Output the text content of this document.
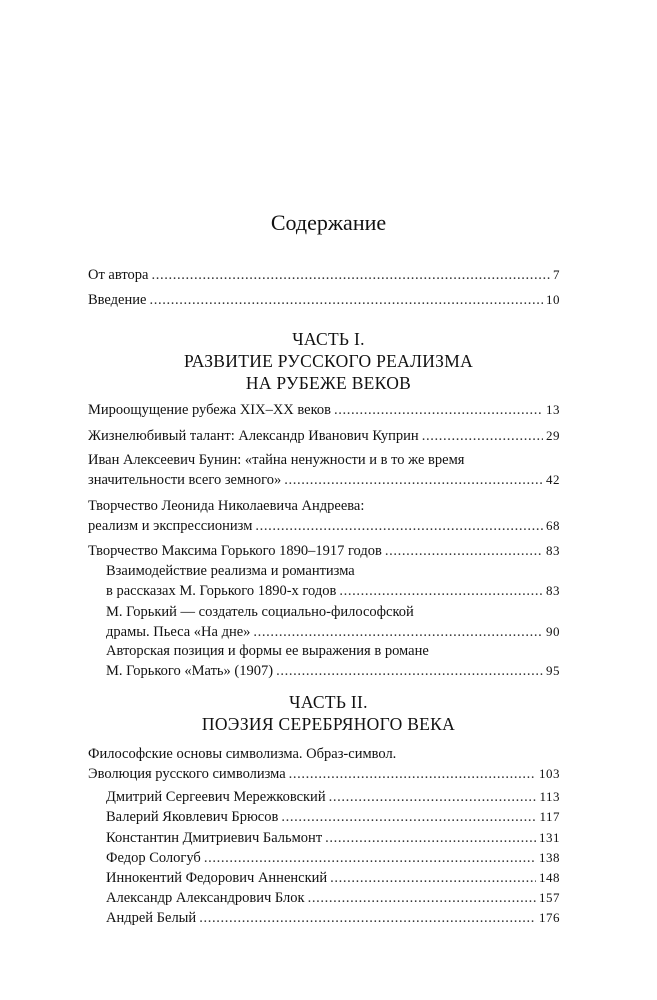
Содержание
От автора . . .	7
Введение . . .	10
ЧАСТЬ I.
РАЗВИТИЕ РУССКОГО РЕАЛИЗМА
НА РУБЕЖЕ ВЕКОВ
Мироощущение рубежа XIX–XX веков . . .	13
Жизнелюбивый талант: Александр Иванович Куприн . . .	29
Иван Алексеевич Бунин: «тайна ненужности и в то же время
значительности всего земного» . . .	42
Творчество Леонида Николаевича Андреева:
реализм и экспрессионизм . . .	68
Творчество Максима Горького 1890–1917 годов . . .	83
Взаимодействие реализма и романтизма
в рассказах М. Горького 1890-х годов . . .	83
М. Горький — создатель социально-философской
драмы. Пьеса «На дне» . . .	90
Авторская позиция и формы ее выражения в романе
М. Горького «Мать» (1907) . . .	95
ЧАСТЬ II.
ПОЭЗИЯ СЕРЕБРЯНОГО ВЕКА
Философские основы символизма. Образ-символ.
Эволюция русского символизма . . .	103
Дмитрий Сергеевич Мережковский . . .	113
Валерий Яковлевич Брюсов . . .	117
Константин Дмитриевич Бальмонт . . .	131
Федор Сологуб . . .	138
Иннокентий Федорович Анненский . . .	148
Александр Александрович Блок . . .	157
Андрей Белый . . .	176
